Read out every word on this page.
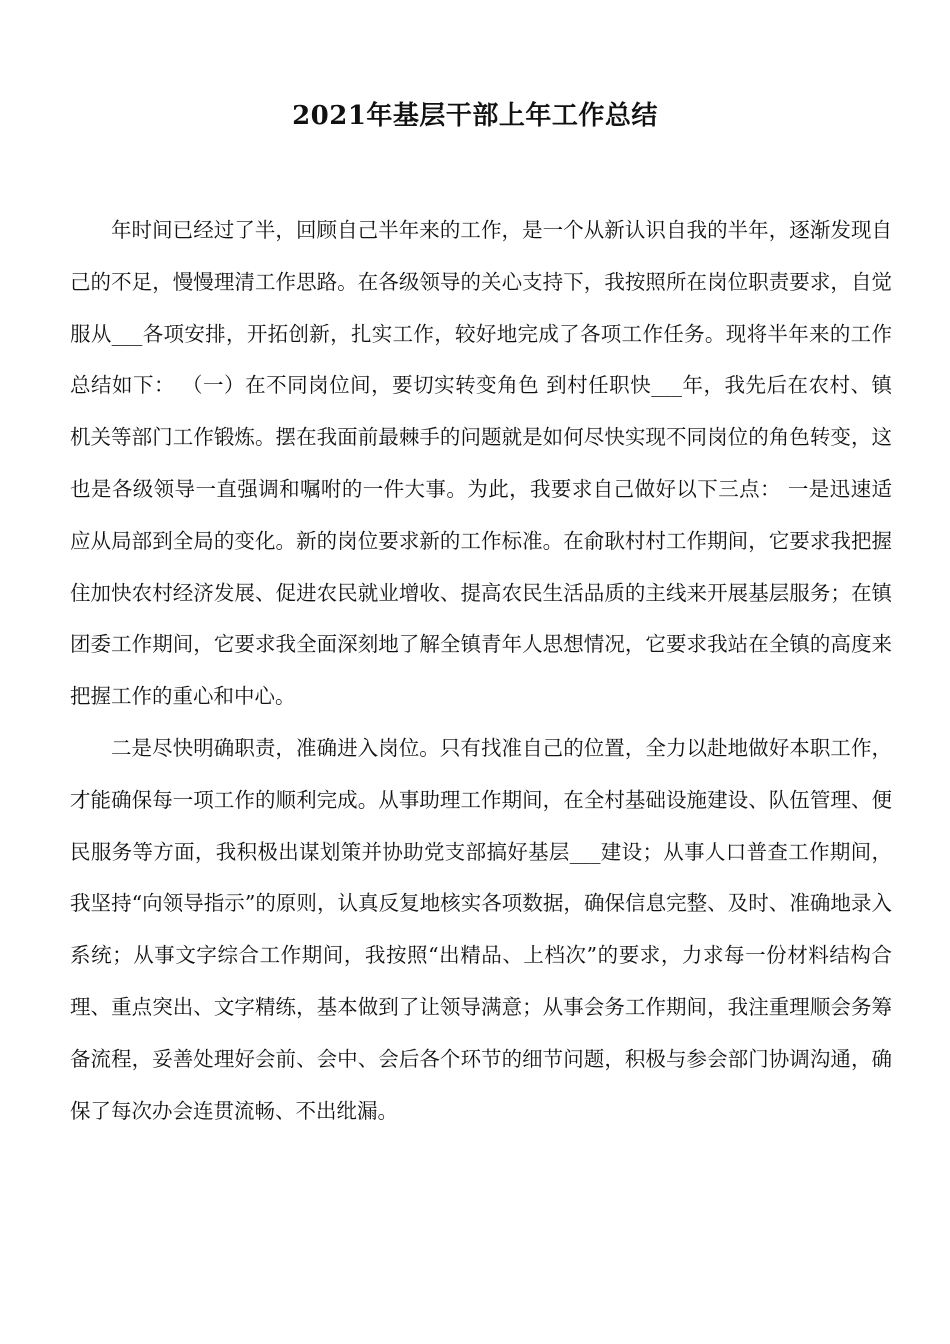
2021年基层干部上年工作总结

年时间已经过了半，回顾自己半年来的工作，是一个从新认识自我的半年，逐渐发现自己的不足，慢慢理清工作思路。在各级领导的关心支持下，我按照所在岗位职责要求，自觉服从___各项安排，开拓创新，扎实工作，较好地完成了各项工作任务。现将半年来的工作总结如下： （一）在不同岗位间，要切实转变角色 到村任职快___年，我先后在农村、镇机关等部门工作锻炼。摆在我面前最棘手的问题就是如何尽快实现不同岗位的角色转变，这也是各级领导一直强调和嘱咐的一件大事。为此，我要求自己做好以下三点： 一是迅速适应从局部到全局的变化。新的岗位要求新的工作标准。在俞耿村村工作期间，它要求我把握住加快农村经济发展、促进农民就业增收、提高农民生活品质的主线来开展基层服务；在镇团委工作期间，它要求我全面深刻地了解全镇青年人思想情况，它要求我站在全镇的高度来把握工作的重心和中心。

二是尽快明确职责，准确进入岗位。只有找准自己的位置，全力以赴地做好本职工作，才能确保每一项工作的顺利完成。从事助理工作期间，在全村基础设施建设、队伍管理、便民服务等方面，我积极出谋划策并协助党支部搞好基层___建设；从事人口普查工作期间，我坚持“向领导指示”的原则，认真反复地核实各项数据，确保信息完整、及时、准确地录入系统；从事文字综合工作期间，我按照“出精品、上档次”的要求，力求每一份材料结构合理、重点突出、文字精练，基本做到了让领导满意；从事会务工作期间，我注重理顺会务筹备流程，妥善处理好会前、会中、会后各个环节的细节问题，积极与参会部门协调沟通，确保了每次办会连贯流畅、不出纰漏。
